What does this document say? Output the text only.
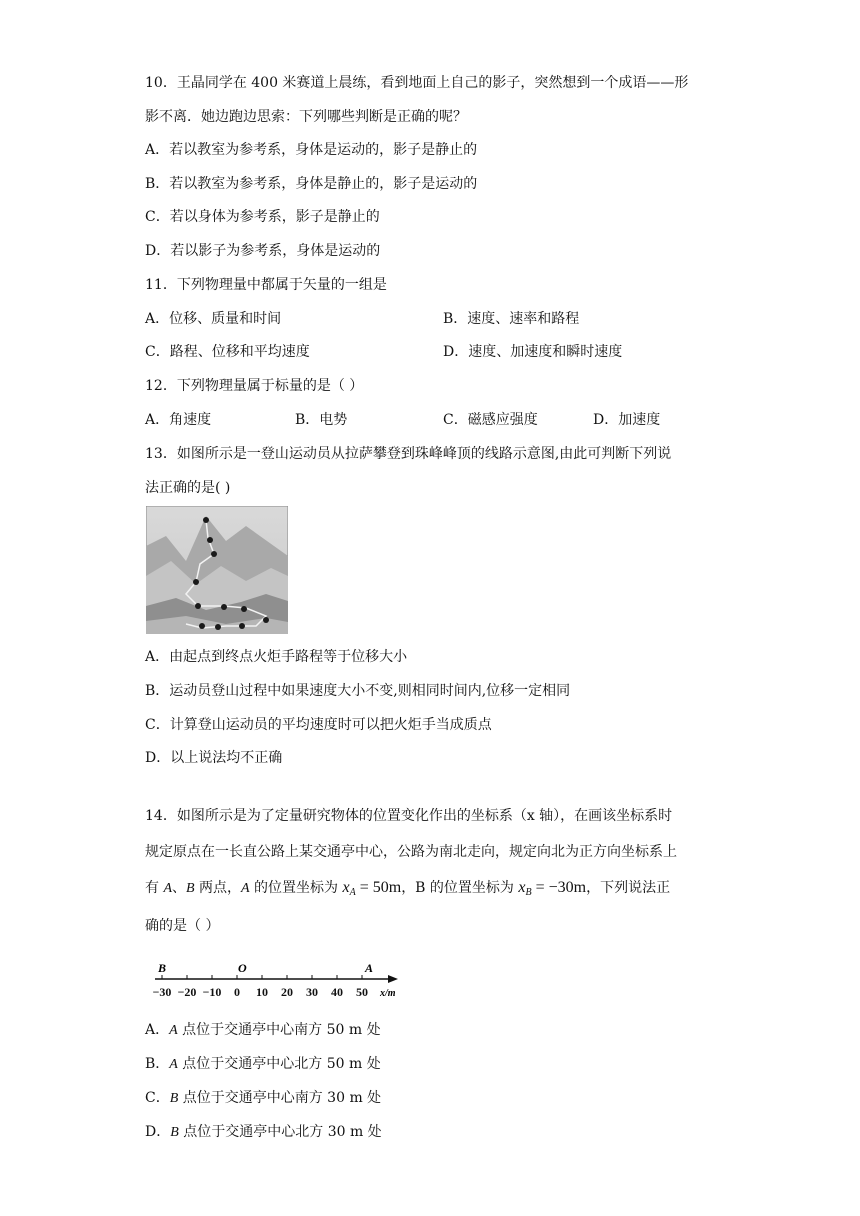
10．王晶同学在 400 米赛道上晨练，看到地面上自己的影子，突然想到一个成语——形
影不离．她边跑边思索：下列哪些判断是正确的呢？
A．若以教室为参考系，身体是运动的，影子是静止的
B．若以教室为参考系，身体是静止的，影子是运动的
C．若以身体为参考系，影子是静止的
D．若以影子为参考系，身体是运动的
11．下列物理量中都属于矢量的一组是
A．位移、质量和时间	B．速度、速率和路程
C．路程、位移和平均速度	D．速度、加速度和瞬时速度
12．下列物理量属于标量的是（ ）
A．角速度	B．电势	C．磁感应强度	D．加速度
13．如图所示是一登山运动员从拉萨攀登到珠峰峰顶的线路示意图,由此可判断下列说
法正确的是( )
A．由起点到终点火炬手路程等于位移大小
B．运动员登山过程中如果速度大小不变,则相同时间内,位移一定相同
C．计算登山运动员的平均速度时可以把火炬手当成质点
D．以上说法均不正确
14．如图所示是为了定量研究物体的位置变化作出的坐标系（x 轴），在画该坐标系时
规定原点在一长直公路上某交通亭中心，公路为南北走向，规定向北为正方向坐标系上
有 A、B 两点，A 的位置坐标为 $x_A = 50m$，B 的位置坐标为 $x_B = -30m$，下列说法正
确的是（ ）
B	O	A
−30 −20 −10 0 10 20 30 40 50 x/m
A．A 点位于交通亭中心南方 50 m 处
B．A 点位于交通亭中心北方 50 m 处
C．B 点位于交通亭中心南方 30 m 处
D．B 点位于交通亭中心北方 30 m 处
